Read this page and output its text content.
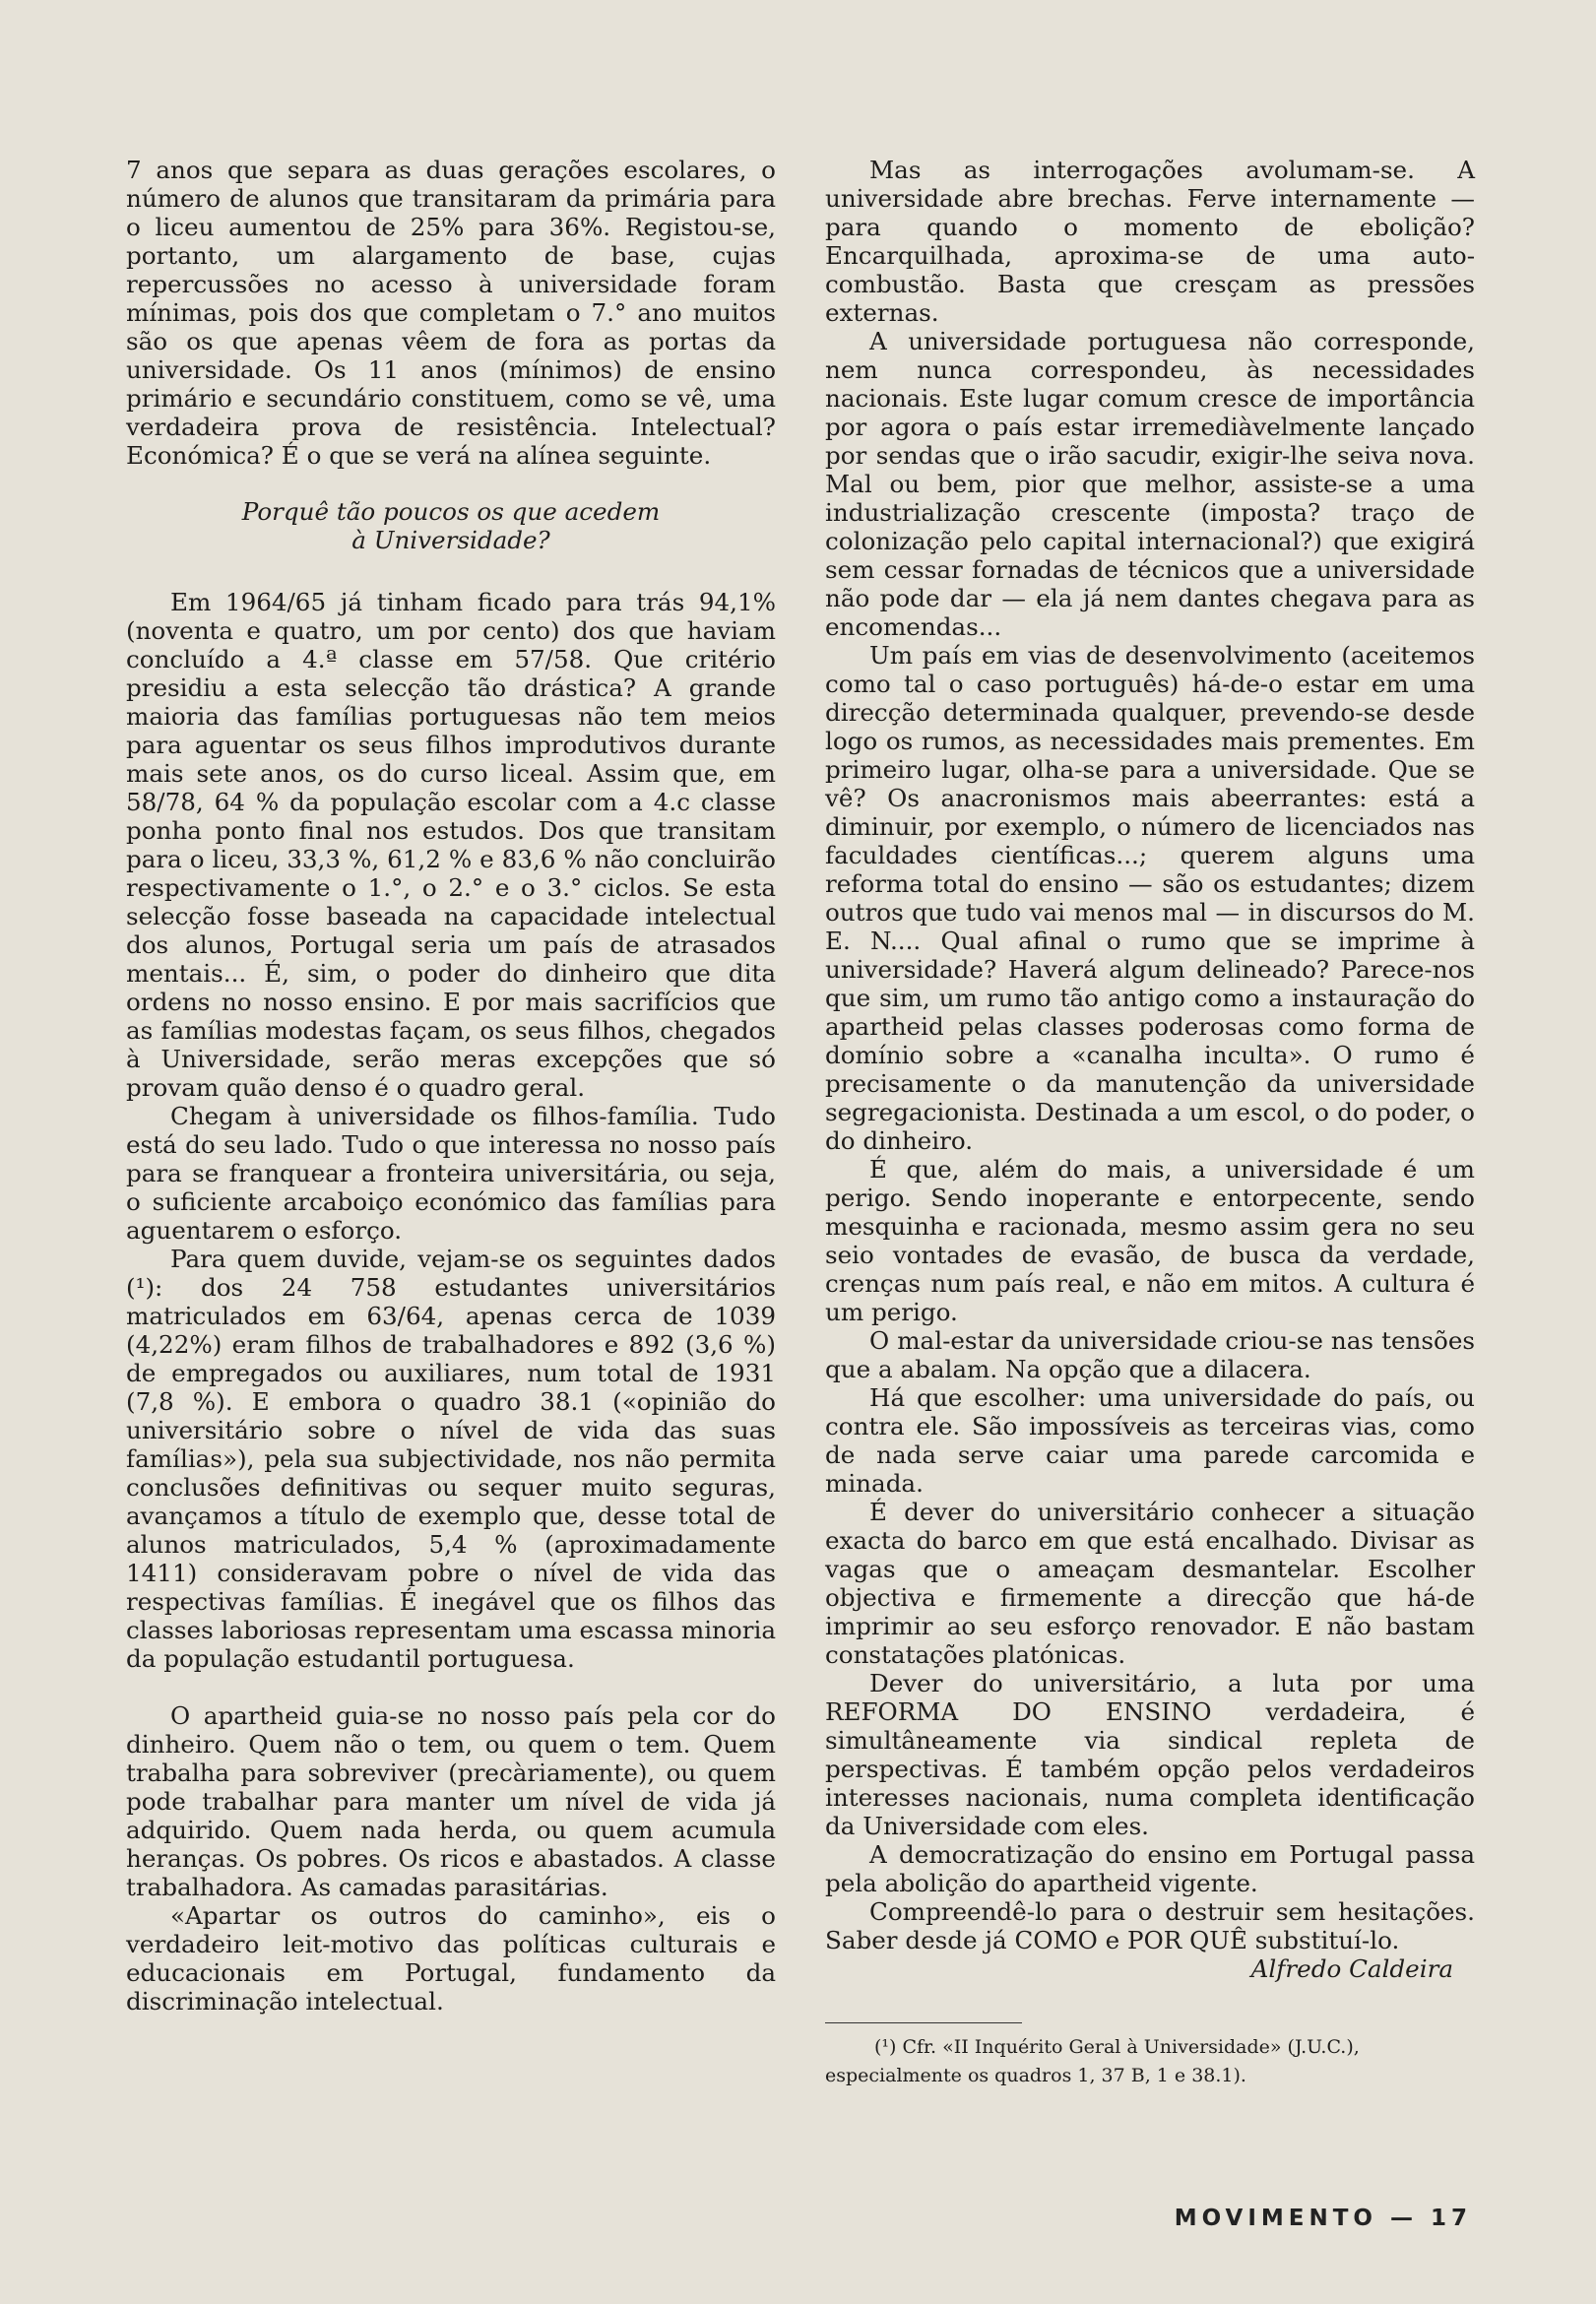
7 anos que separa as duas gerações escolares, o número de alunos que transitaram da primária para o liceu aumentou de 25% para 36%. Registou-se, portanto, um alargamento de base, cujas repercussões no acesso à universidade foram mínimas, pois dos que completam o 7.° ano muitos são os que apenas vêem de fora as portas da universidade. Os 11 anos (mínimos) de ensino primário e secundário constituem, como se vê, uma verdadeira prova de resistência. Intelectual? Económica? É o que se verá na alínea seguinte.

Porquê tão poucos os que acedem
à Universidade?

Em 1964/65 já tinham ficado para trás 94,1% (noventa e quatro, um por cento) dos que haviam concluído a 4.ª classe em 57/58. Que critério presidiu a esta selecção tão drástica? A grande maioria das famílias portuguesas não tem meios para aguentar os seus filhos improdutivos durante mais sete anos, os do curso liceal. Assim que, em 58/78, 64 % da população escolar com a 4.c classe ponha ponto final nos estudos. Dos que transitam para o liceu, 33,3 %, 61,2 % e 83,6 % não concluirão respectivamente o 1.°, o 2.° e o 3.° ciclos. Se esta selecção fosse baseada na capacidade intelectual dos alunos, Portugal seria um país de atrasados mentais... É, sim, o poder do dinheiro que dita ordens no nosso ensino. E por mais sacrifícios que as famílias modestas façam, os seus filhos, chegados à Universidade, serão meras excepções que só provam quão denso é o quadro geral.

Chegam à universidade os filhos-família. Tudo está do seu lado. Tudo o que interessa no nosso país para se franquear a fronteira universitária, ou seja, o suficiente arcaboiço económico das famílias para aguentarem o esforço.

Para quem duvide, vejam-se os seguintes dados (¹): dos 24 758 estudantes universitários matriculados em 63/64, apenas cerca de 1039 (4,22%) eram filhos de trabalhadores e 892 (3,6 %) de empregados ou auxiliares, num total de 1931 (7,8 %). E embora o quadro 38.1 («opinião do universitário sobre o nível de vida das suas famílias»), pela sua subjectividade, nos não permita conclusões definitivas ou sequer muito seguras, avançamos a título de exemplo que, desse total de alunos matriculados, 5,4 % (aproximadamente 1411) consideravam pobre o nível de vida das respectivas famílias. É inegável que os filhos das classes laboriosas representam uma escassa minoria da população estudantil portuguesa.

O apartheid guia-se no nosso país pela cor do dinheiro. Quem não o tem, ou quem o tem. Quem trabalha para sobreviver (precàriamente), ou quem pode trabalhar para manter um nível de vida já adquirido. Quem nada herda, ou quem acumula heranças. Os pobres. Os ricos e abastados. A classe trabalhadora. As camadas parasitárias.

«Apartar os outros do caminho», eis o verdadeiro leit-motivo das políticas culturais e educacionais em Portugal, fundamento da discriminação intelectual.

Mas as interrogações avolumam-se. A universidade abre brechas. Ferve internamente — para quando o momento de ebolição? Encarquilhada, aproxima-se de uma auto-combustão. Basta que cresçam as pressões externas.

A universidade portuguesa não corresponde, nem nunca correspondeu, às necessidades nacionais. Este lugar comum cresce de importância por agora o país estar irremediàvelmente lançado por sendas que o irão sacudir, exigir-lhe seiva nova. Mal ou bem, pior que melhor, assiste-se a uma industrialização crescente (imposta? traço de colonização pelo capital internacional?) que exigirá sem cessar fornadas de técnicos que a universidade não pode dar — ela já nem dantes chegava para as encomendas...

Um país em vias de desenvolvimento (aceitemos como tal o caso português) há-de-o estar em uma direcção determinada qualquer, prevendo-se desde logo os rumos, as necessidades mais prementes. Em primeiro lugar, olha-se para a universidade. Que se vê? Os anacronismos mais abeerrantes: está a diminuir, por exemplo, o número de licenciados nas faculdades científicas...; querem alguns uma reforma total do ensino — são os estudantes; dizem outros que tudo vai menos mal — in discursos do M. E. N.... Qual afinal o rumo que se imprime à universidade? Haverá algum delineado? Parece-nos que sim, um rumo tão antigo como a instauração do apartheid pelas classes poderosas como forma de domínio sobre a «canalha inculta». O rumo é precisamente o da manutenção da universidade segregacionista. Destinada a um escol, o do poder, o do dinheiro.

É que, além do mais, a universidade é um perigo. Sendo inoperante e entorpecente, sendo mesquinha e racionada, mesmo assim gera no seu seio vontades de evasão, de busca da verdade, crenças num país real, e não em mitos. A cultura é um perigo.

O mal-estar da universidade criou-se nas tensões que a abalam. Na opção que a dilacera.

Há que escolher: uma universidade do país, ou contra ele. São impossíveis as terceiras vias, como de nada serve caiar uma parede carcomida e minada.

É dever do universitário conhecer a situação exacta do barco em que está encalhado. Divisar as vagas que o ameaçam desmantelar. Escolher objectiva e firmemente a direcção que há-de imprimir ao seu esforço renovador. E não bastam constatações platónicas.

Dever do universitário, a luta por uma REFORMA DO ENSINO verdadeira, é simultâneamente via sindical repleta de perspectivas. É também opção pelos verdadeiros interesses nacionais, numa completa identificação da Universidade com eles.

A democratização do ensino em Portugal passa pela abolição do apartheid vigente.

Compreendê-lo para o destruir sem hesitações. Saber desde já COMO e POR QUÊ substituí-lo.

Alfredo Caldeira

(¹) Cfr. «II Inquérito Geral à Universidade» (J.U.C.), especialmente os quadros 1, 37 B, 1 e 38.1).

MOVIMENTO — 17
